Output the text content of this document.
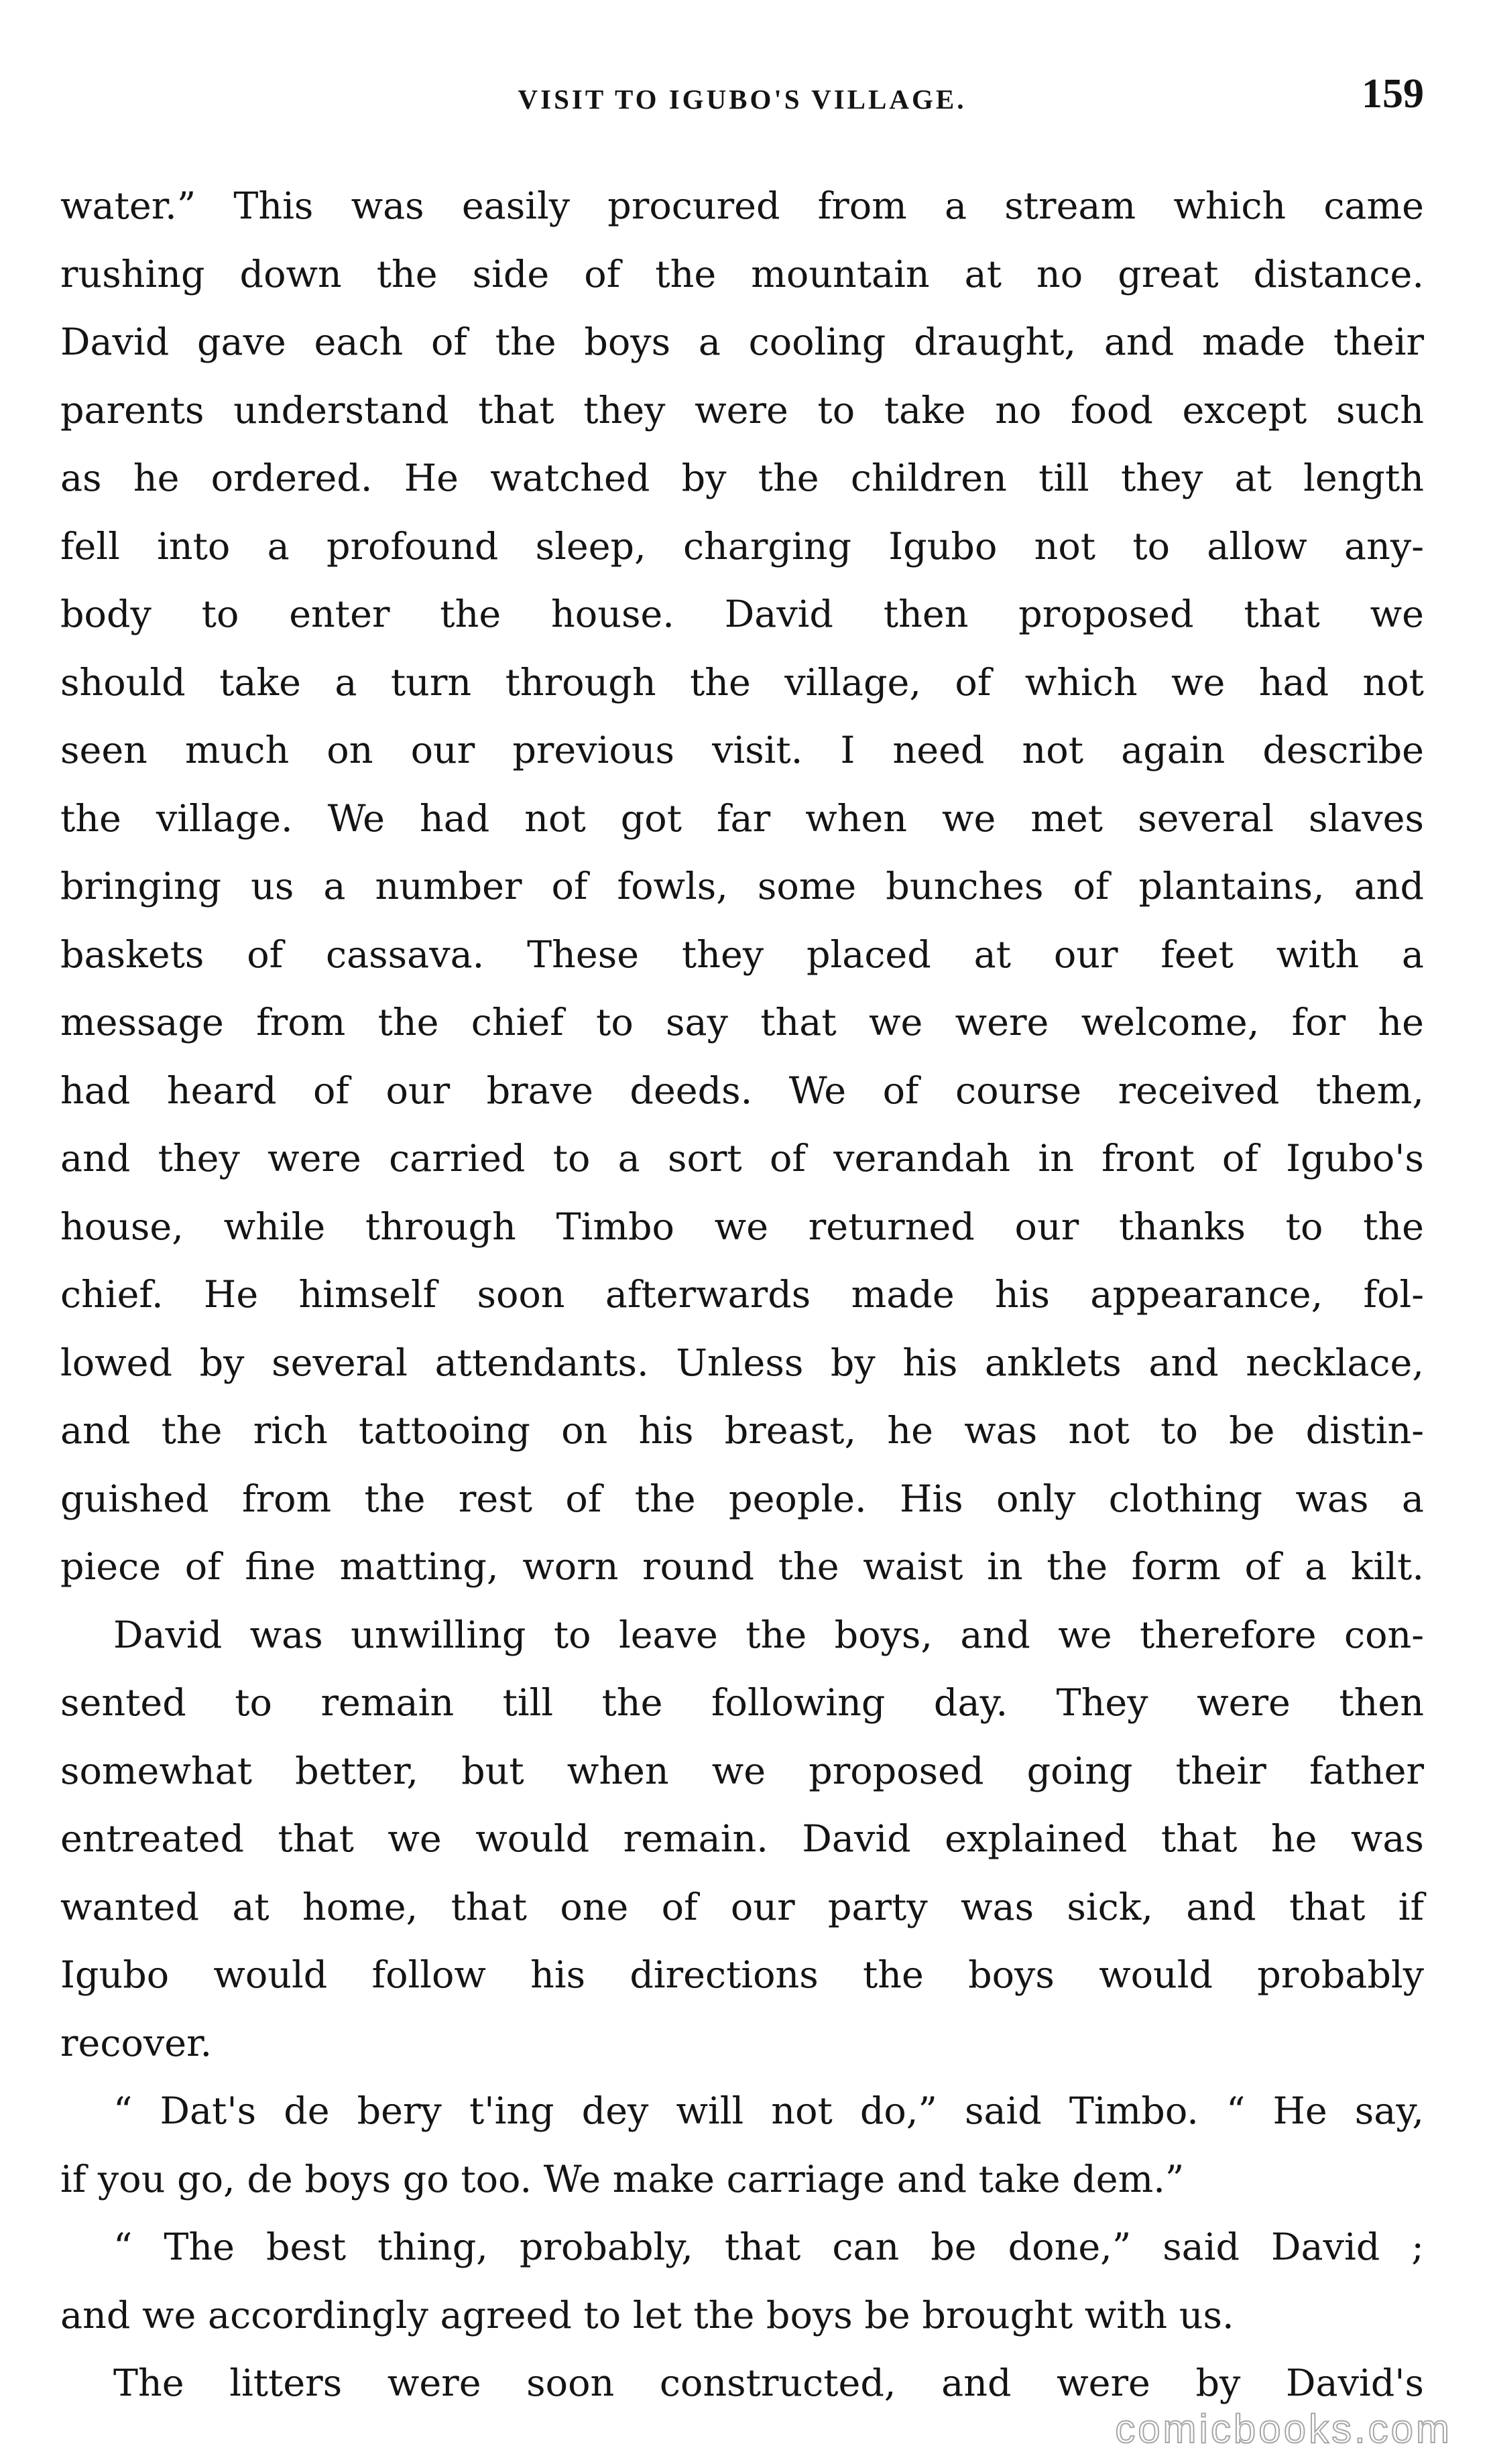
VISIT TO IGUBO'S VILLAGE.	159
water.” This was easily procured from a stream which came
rushing down the side of the mountain at no great distance.
David gave each of the boys a cooling draught, and made their
parents understand that they were to take no food except such
as he ordered. He watched by the children till they at length
fell into a profound sleep, charging Igubo not to allow any-
body to enter the house. David then proposed that we
should take a turn through the village, of which we had not
seen much on our previous visit. I need not again describe
the village. We had not got far when we met several slaves
bringing us a number of fowls, some bunches of plantains, and
baskets of cassava. These they placed at our feet with a
message from the chief to say that we were welcome, for he
had heard of our brave deeds. We of course received them,
and they were carried to a sort of verandah in front of Igubo's
house, while through Timbo we returned our thanks to the
chief. He himself soon afterwards made his appearance, fol-
lowed by several attendants. Unless by his anklets and necklace,
and the rich tattooing on his breast, he was not to be distin-
guished from the rest of the people. His only clothing was a
piece of fine matting, worn round the waist in the form of a kilt.
David was unwilling to leave the boys, and we therefore con-
sented to remain till the following day. They were then
somewhat better, but when we proposed going their father
entreated that we would remain. David explained that he was
wanted at home, that one of our party was sick, and that if
Igubo would follow his directions the boys would probably
recover.
“ Dat's de bery t'ing dey will not do,” said Timbo. “ He say,
if you go, de boys go too. We make carriage and take dem.”
“ The best thing, probably, that can be done,” said David ;
and we accordingly agreed to let the boys be brought with us.
The litters were soon constructed, and were by David's
comicbooks.com
